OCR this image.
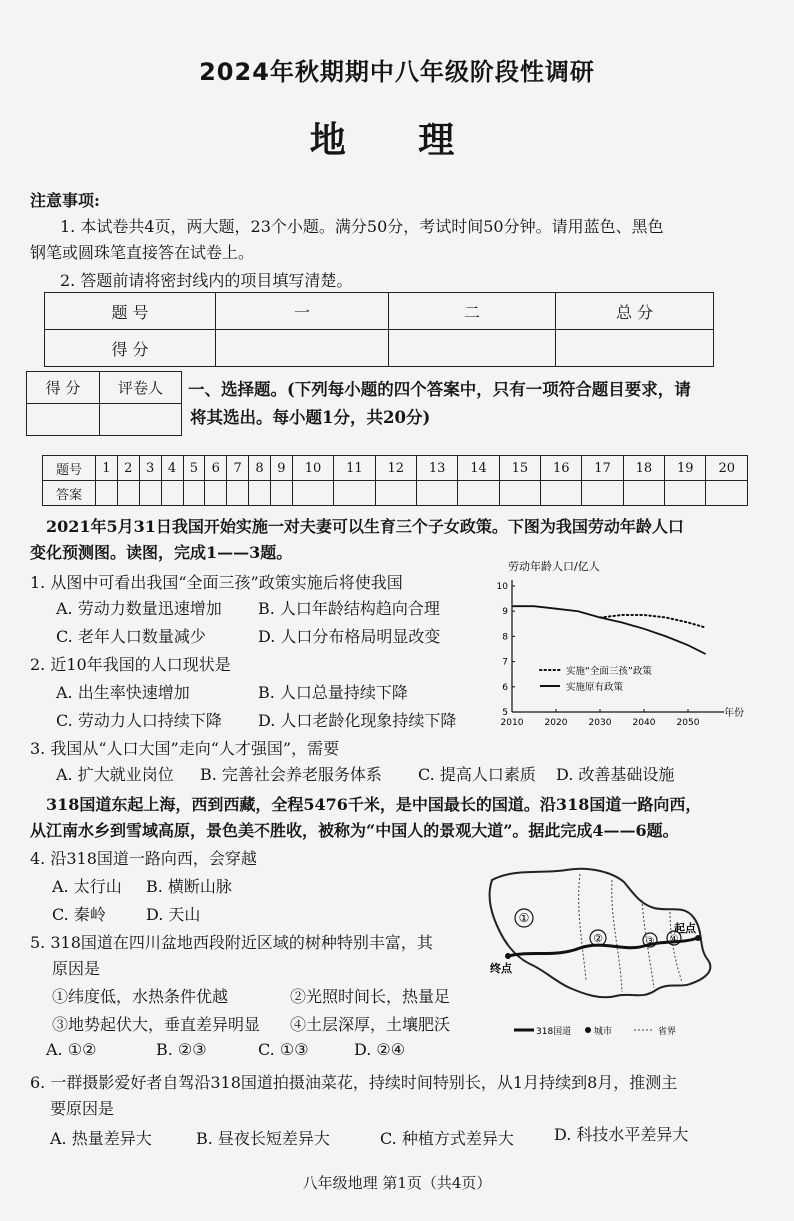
2024年秋期期中八年级阶段性调研
地 理
注意事项:
1. 本试卷共4页，两大题，23个小题。满分50分，考试时间50分钟。请用蓝色、黑色
钢笔或圆珠笔直接答在试卷上。
2. 答题前请将密封线内的项目填写清楚。
题 号	一	二	总 分
得 分			
得 分	评卷人
	一、选择题。(下列每小题的四个答案中，只有一项符合题目要求，请
将其选出。每小题1分，共20分)
题号	1	2	3	4	5	6	7	8	9	10	11	12	13	14	15	16	17	18	19	20
答案																				
2021年5月31日我国开始实施一对夫妻可以生育三个子女政策。下图为我国劳动年龄人口
变化预测图。读图，完成1——3题。
1. 从图中可看出我国“全面三孩”政策实施后将使我国
A. 劳动力数量迅速增加 B. 人口年龄结构趋向合理
C. 老年人口数量减少	D. 人口分布格局明显改变
2. 近10年我国的人口现状是
A. 出生率快速增加	B. 人口总量持续下降
C. 劳动力人口持续下降 D. 人口老龄化现象持续下降
3. 我国从“人口大国”走向“人才强国”，需要
A. 扩大就业岗位 B. 完善社会养老服务体系 C. 提高人口素质 D. 改善基础设施
318国道东起上海，西到西藏，全程5476千米，是中国最长的国道。沿318国道一路向西，
从江南水乡到雪域高原，景色美不胜收，被称为“中国人的景观大道”。据此完成4——6题。
4. 沿318国道一路向西，会穿越
A. 太行山 B. 横断山脉
C. 秦岭	D. 天山
5. 318国道在四川盆地西段附近区域的树种特别丰富，其
原因是
①纬度低，水热条件优越	②光照时间长，热量足
③地势起伏大，垂直差异明显 ④土层深厚，土壤肥沃
A. ①②	B. ②③	C. ①③	D. ②④
6. 一群摄影爱好者自驾沿318国道拍摄油菜花，持续时间特别长，从1月持续到8月，推测主
要原因是
A. 热量差异大	B. 昼夜长短差异大	C. 种植方式差异大	D. 科技水平差异大
八年级地理 第1页（共4页）
劳动年龄人口/亿人
2010 2020 2030 2040 2050
5
6
7
8
9
10
年份
实施“全面三孩”政策
实施原有政策
终点
起点
①
②	③ ④
318国道	城市	省界
